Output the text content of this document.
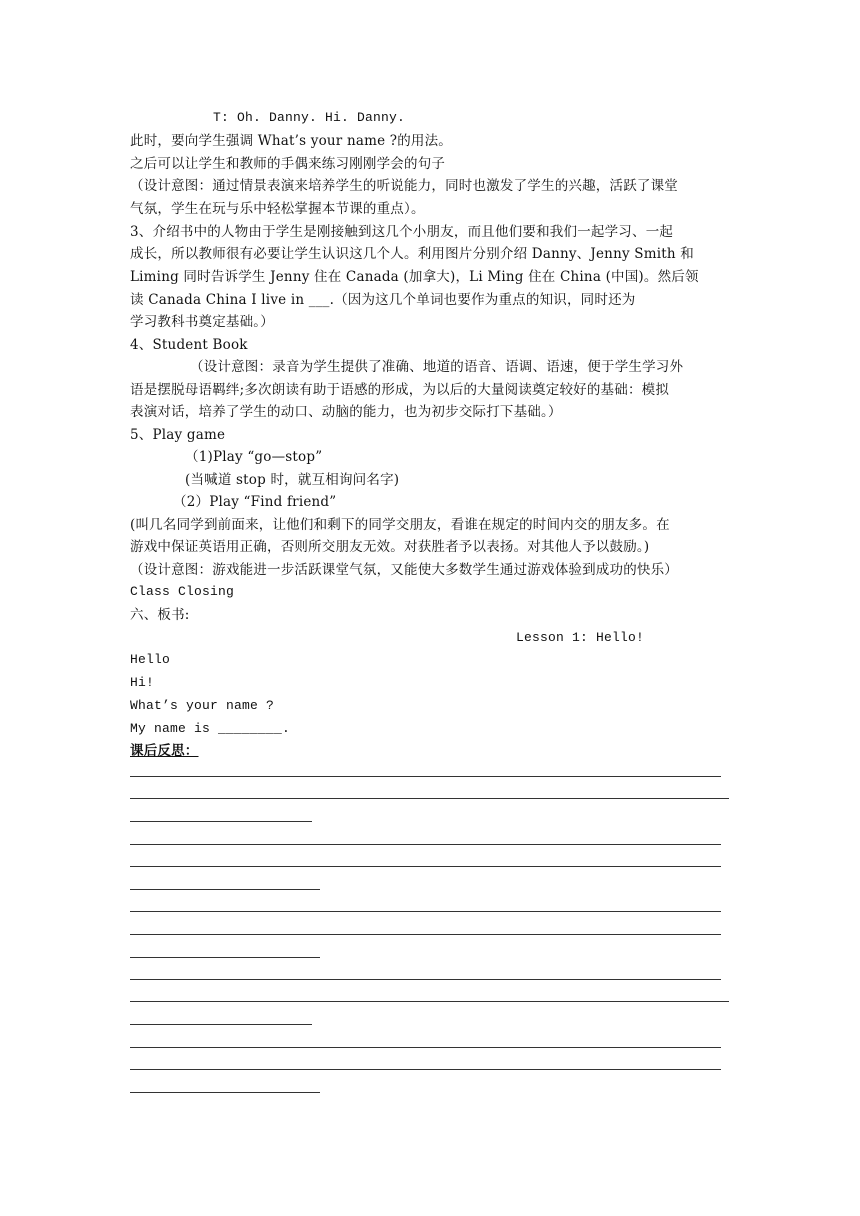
T: Oh. Danny. Hi. Danny.
此时，要向学生强调 What’s your name ?的用法。
之后可以让学生和教师的手偶来练习刚刚学会的句子
（设计意图：通过情景表演来培养学生的听说能力，同时也激发了学生的兴趣，活跃了课堂
气氛，学生在玩与乐中轻松掌握本节课的重点）。
3、介绍书中的人物由于学生是刚接触到这几个小朋友，而且他们要和我们一起学习、一起
成长，所以教师很有必要让学生认识这几个人。利用图片分别介绍 Danny、Jenny Smith 和
Liming 同时告诉学生 Jenny 住在 Canada (加拿大)，Li Ming 住在 China (中国)。然后领
读 Canada China I live in ___.（因为这几个单词也要作为重点的知识，同时还为
学习教科书奠定基础。）
4、Student Book
（设计意图：录音为学生提供了准确、地道的语音、语调、语速，便于学生学习外
语是摆脱母语羁绊;多次朗读有助于语感的形成，为以后的大量阅读奠定较好的基础：模拟
表演对话，培养了学生的动口、动脑的能力，也为初步交际打下基础。）
5、Play game
（1)Play “go—stop”
(当喊道 stop 时，就互相询问名字)
（2）Play “Find friend”
(叫几名同学到前面来，让他们和剩下的同学交朋友，看谁在规定的时间内交的朋友多。在
游戏中保证英语用正确，否则所交朋友无效。对获胜者予以表扬。对其他人予以鼓励。)
（设计意图：游戏能进一步活跃课堂气氛，又能使大多数学生通过游戏体验到成功的快乐）
Class Closing
六、板书:
Lesson 1: Hello!
Hello
Hi!
What’s your name ?
My name is ________.
课后反思：
